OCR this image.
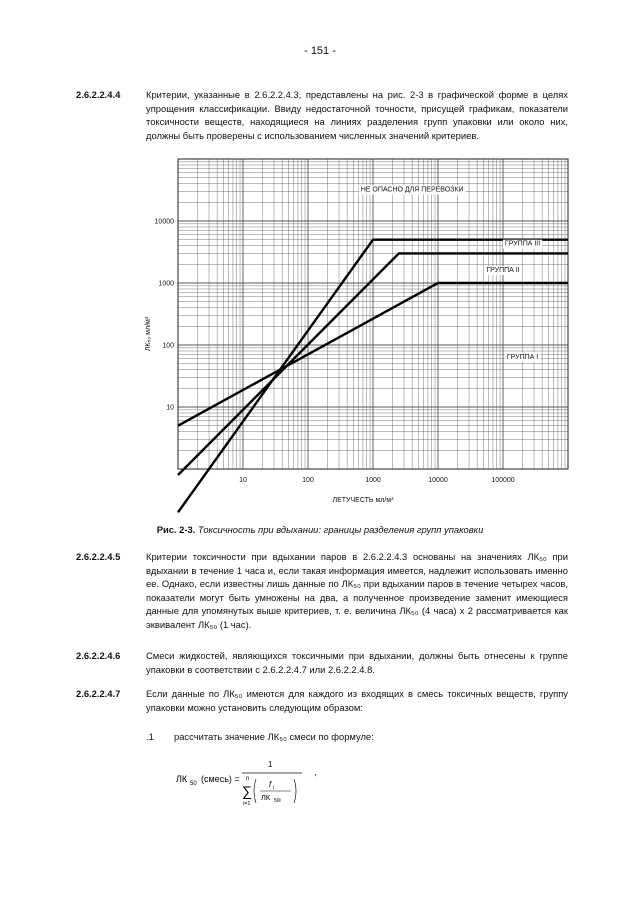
- 151 -
2.6.2.2.4.4	Критерии, указанные в 2.6.2.2.4.3, представлены на рис. 2-3 в графической форме в целях упрощения классификации. Ввиду недостаточной точности, присущей графикам, показатели токсичности веществ, находящиеся на линиях разделения групп упаковки или около них, должны быть проверены с использованием численных значений критериев.
НЕ ОПАСНО ДЛЯ ПЕРЕВОЗКИ
ГРУППА III
ГРУППА II
ГРУППА I
10	100	1000	10000	100000
10
100
1000
10000
ЛЕТУЧЕСТЬ мл/м³
ЛК₅₀ мл/м³
Рис. 2-3. Токсичность при вдыхании: границы разделения групп упаковки
2.6.2.2.4.5	Критерии токсичности при вдыхании паров в 2.6.2.2.4.3 основаны на значениях ЛК₅₀ при вдыхании в течение 1 часа и, если такая информация имеется, надлежит использовать именно ее. Однако, если известны лишь данные по ЛК₅₀ при вдыхании паров в течение четырех часов, показатели могут быть умножены на два, а полученное произведение заменит имеющиеся данные для упомянутых выше критериев, т. е. величина ЛК₅₀ (4 часа) х 2 рассматривается как эквивалент ЛК₅₀ (1 час).
2.6.2.2.4.6	Смеси жидкостей, являющихся токсичными при вдыхании, должны быть отнесены к группе упаковки в соответствии с 2.6.2.2.4.7 или 2.6.2.2.4.8.
2.6.2.2.4.7	Если данные по ЛК₅₀ имеются для каждого из входящих в смесь токсичных веществ, группу упаковки можно установить следующим образом:
.1 рассчитать значение ЛК₅₀ смеси по формуле:
ЛК 50 (смесь) =
1
n
∑
i=1
f i
ЛК 50i
,
